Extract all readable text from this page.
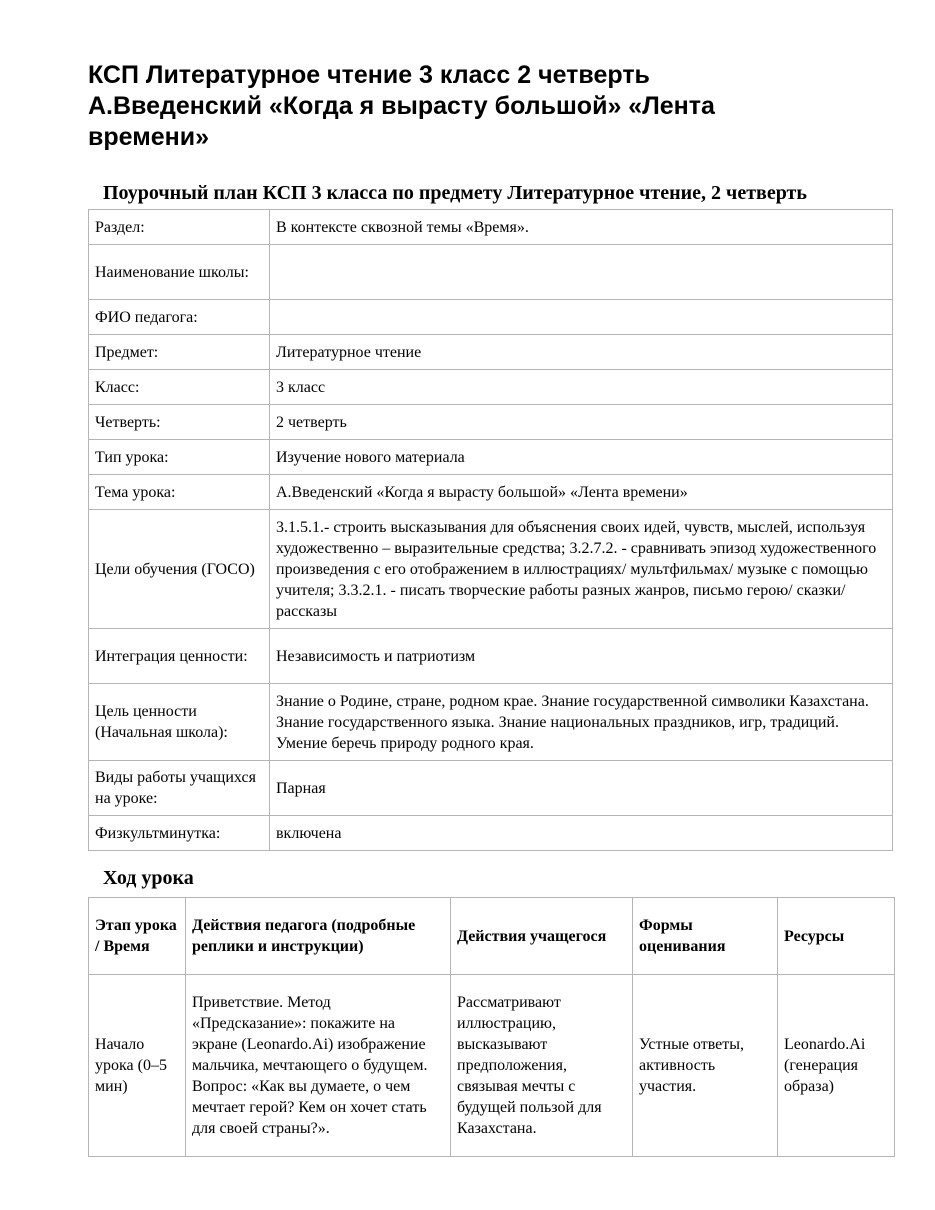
КСП Литературное чтение 3 класс 2 четверть
А.Введенский «Когда я вырасту большой» «Лента
времени»
Поурочный план КСП 3 класса по предмету Литературное чтение, 2 четверть
Раздел:	В контексте сквозной темы «Время».
Наименование школы:	
ФИО педагога:	
Предмет:	Литературное чтение
Класс:	3 класс
Четверть:	2 четверть
Тип урока:	Изучение нового материала
Тема урока:	А.Введенский «Когда я вырасту большой» «Лента времени»
Цели обучения (ГОСО)	3.1.5.1.- строить высказывания для объяснения своих идей, чувств, мыслей, используя художественно – выразительные средства; 3.2.7.2. - сравнивать эпизод художественного произведения с его отображением в иллюстрациях/ мультфильмах/ музыке с помощью учителя; 3.3.2.1. - писать творческие работы разных жанров, письмо герою/ сказки/ рассказы
Интеграция ценности:	Независимость и патриотизм
Цель ценности (Начальная школа):	Знание о Родине, стране, родном крае. Знание государственной символики Казахстана. Знание государственного языка. Знание национальных праздников, игр, традиций. Умение беречь природу родного края.
Виды работы учащихся на уроке:	Парная
Физкультминутка:	включена
Ход урока
Этап урока / Время	Действия педагога (подробные реплики и инструкции)	Действия учащегося	Формы оценивания	Ресурсы
Начало урока (0–5 мин)	Приветствие. Метод «Предсказание»: покажите на экране (Leonardo.Ai) изображение мальчика, мечтающего о будущем. Вопрос: «Как вы думаете, о чем мечтает герой? Кем он хочет стать для своей страны?».	Рассматривают иллюстрацию, высказывают предположения, связывая мечты с будущей пользой для Казахстана.	Устные ответы, активность участия.	Leonardo.Ai (генерация образа)
